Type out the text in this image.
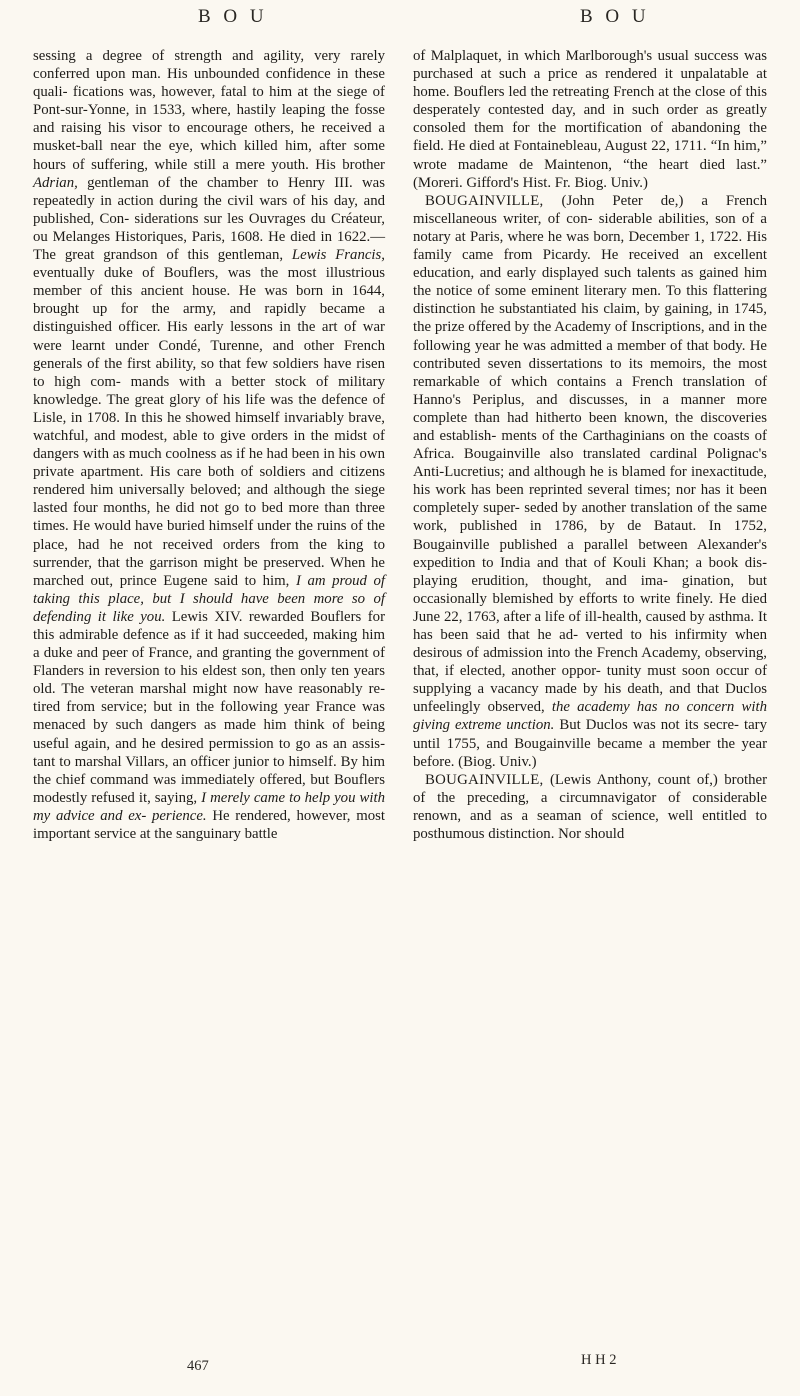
B O U	B O U

sessing a degree of strength and agility, very rarely conferred upon man. His unbounded confidence in these quali- fications was, however, fatal to him at the siege of Pont-sur-Yonne, in 1533, where, hastily leaping the fosse and raising his visor to encourage others, he received a musket-ball near the eye, which killed him, after some hours of suffering, while still a mere youth. His brother Adrian, gentleman of the chamber to Henry III. was repeatedly in action during the civil wars of his day, and published, Con- siderations sur les Ouvrages du Créateur, ou Melanges Historiques, Paris, 1608. He died in 1622.—The great grandson of this gentleman, Lewis Francis, eventually duke of Bouflers, was the most illustrious member of this ancient house. He was born in 1644, brought up for the army, and rapidly became a distinguished officer. His early lessons in the art of war were learnt under Condé, Turenne, and other French generals of the first ability, so that few soldiers have risen to high com- mands with a better stock of military knowledge. The great glory of his life was the defence of Lisle, in 1708. In this he showed himself invariably brave, watchful, and modest, able to give orders in the midst of dangers with as much coolness as if he had been in his own private apartment. His care both of soldiers and citizens rendered him universally beloved; and although the siege lasted four months, he did not go to bed more than three times. He would have buried himself under the ruins of the place, had he not received orders from the king to surrender, that the garrison might be preserved. When he marched out, prince Eugene said to him, I am proud of taking this place, but I should have been more so of defending it like you. Lewis XIV. rewarded Bouflers for this admirable defence as if it had succeeded, making him a duke and peer of France, and granting the government of Flanders in reversion to his eldest son, then only ten years old. The veteran marshal might now have reasonably re- tired from service; but in the following year France was menaced by such dangers as made him think of being useful again, and he desired permission to go as an assis- tant to marshal Villars, an officer junior to himself. By him the chief command was immediately offered, but Bouflers modestly refused it, saying, I merely came to help you with my advice and ex- perience. He rendered, however, most important service at the sanguinary battle

of Malplaquet, in which Marlborough's usual success was purchased at such a price as rendered it unpalatable at home. Bouflers led the retreating French at the close of this desperately contested day, and in such order as greatly consoled them for the mortification of abandoning the field. He died at Fontainebleau, August 22, 1711. “In him,” wrote madame de Maintenon, “the heart died last.” (Moreri. Gifford's Hist. Fr. Biog. Univ.)

BOUGAINVILLE, (John Peter de,) a French miscellaneous writer, of con- siderable abilities, son of a notary at Paris, where he was born, December 1, 1722. His family came from Picardy. He received an excellent education, and early displayed such talents as gained him the notice of some eminent literary men. To this flattering distinction he substantiated his claim, by gaining, in 1745, the prize offered by the Academy of Inscriptions, and in the following year he was admitted a member of that body. He contributed seven dissertations to its memoirs, the most remarkable of which contains a French translation of Hanno's Periplus, and discusses, in a manner more complete than had hitherto been known, the discoveries and establish- ments of the Carthaginians on the coasts of Africa. Bougainville also translated cardinal Polignac's Anti-Lucretius; and although he is blamed for inexactitude, his work has been reprinted several times; nor has it been completely super- seded by another translation of the same work, published in 1786, by de Bataut. In 1752, Bougainville published a parallel between Alexander's expedition to India and that of Kouli Khan; a book dis- playing erudition, thought, and ima- gination, but occasionally blemished by efforts to write finely. He died June 22, 1763, after a life of ill-health, caused by asthma. It has been said that he ad- verted to his infirmity when desirous of admission into the French Academy, observing, that, if elected, another oppor- tunity must soon occur of supplying a vacancy made by his death, and that Duclos unfeelingly observed, the academy has no concern with giving extreme unction. But Duclos was not its secre- tary until 1755, and Bougainville became a member the year before. (Biog. Univ.)

BOUGAINVILLE, (Lewis Anthony, count of,) brother of the preceding, a circumnavigator of considerable renown, and as a seaman of science, well entitled to posthumous distinction. Nor should

467	H H 2
